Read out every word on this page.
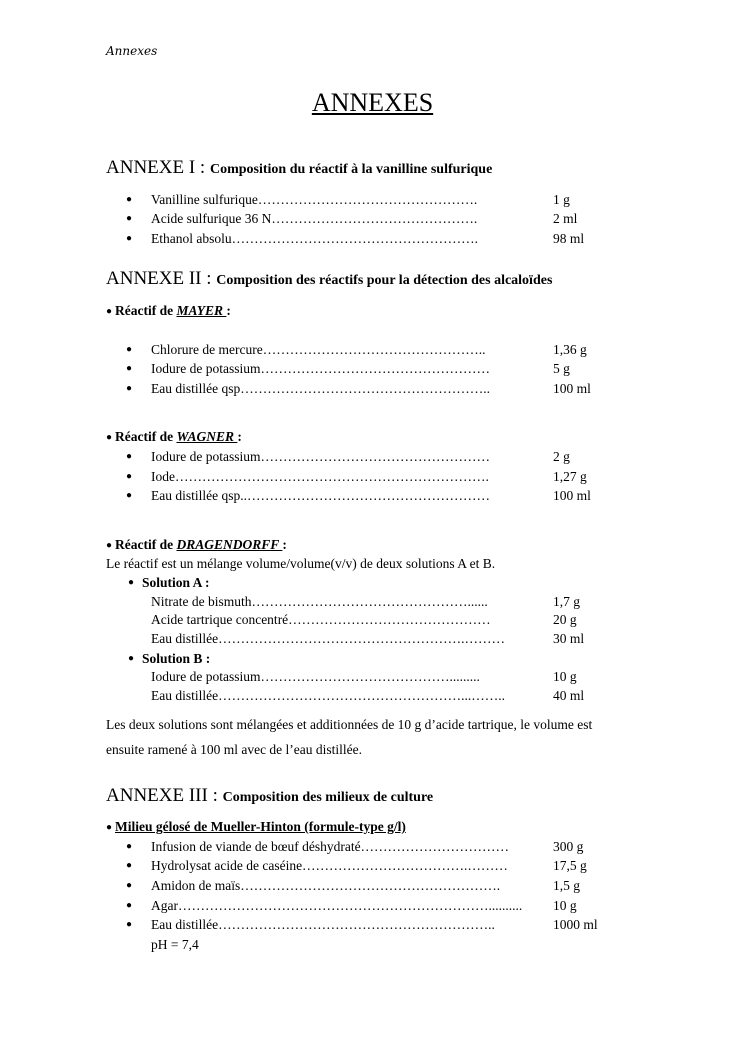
Annexes
ANNEXES
ANNEXE I : Composition du réactif à la vanilline sulfurique
● Vanilline sulfurique………………………………………….	1 g
● Acide sulfurique 36 N……………………………………….	2 ml
● Ethanol absolu……………………………………………….	98 ml
ANNEXE II : Composition des réactifs pour la détection des alcaloïdes
● Réactif de MAYER :
● Chlorure de mercure…………………………………………..	1,36 g
● Iodure de potassium……………………………………………	5 g
● Eau distillée qsp………………………………………………..	100 ml
● Réactif de WAGNER :
● Iodure de potassium……………………………………………	2 g
● Iode…………………………………………………………….	1,27 g
● Eau distillée qsp..………………………………………………	100 ml
● Réactif de DRAGENDORFF :
Le réactif est un mélange volume/volume(v/v) de deux solutions A et B.
● Solution A :
Nitrate de bismuth…………………………………………......	1,7 g
Acide tartrique concentré………………………………………	20 g
Eau distillée……………………………………………….………	30 ml
● Solution B :
Iodure de potassium…………………………………….........	10 g
Eau distillée………………………………………………...……..	40 ml
Les deux solutions sont mélangées et additionnées de 10 g d’acide tartrique, le volume est
ensuite ramené à 100 ml avec de l’eau distillée.
ANNEXE III : Composition des milieux de culture
● Milieu gélosé de Mueller-Hinton (formule-type g/l)
● Infusion de viande de bœuf déshydraté……………………………	300 g
● Hydrolysat acide de caséine……………………………….………	17,5 g
● Amidon de maïs………………………………………………….	1,5 g
● Agar…………………………………………………………….......... 10 g
● Eau distillée……………………………………………………..	1000 ml
pH = 7,4
